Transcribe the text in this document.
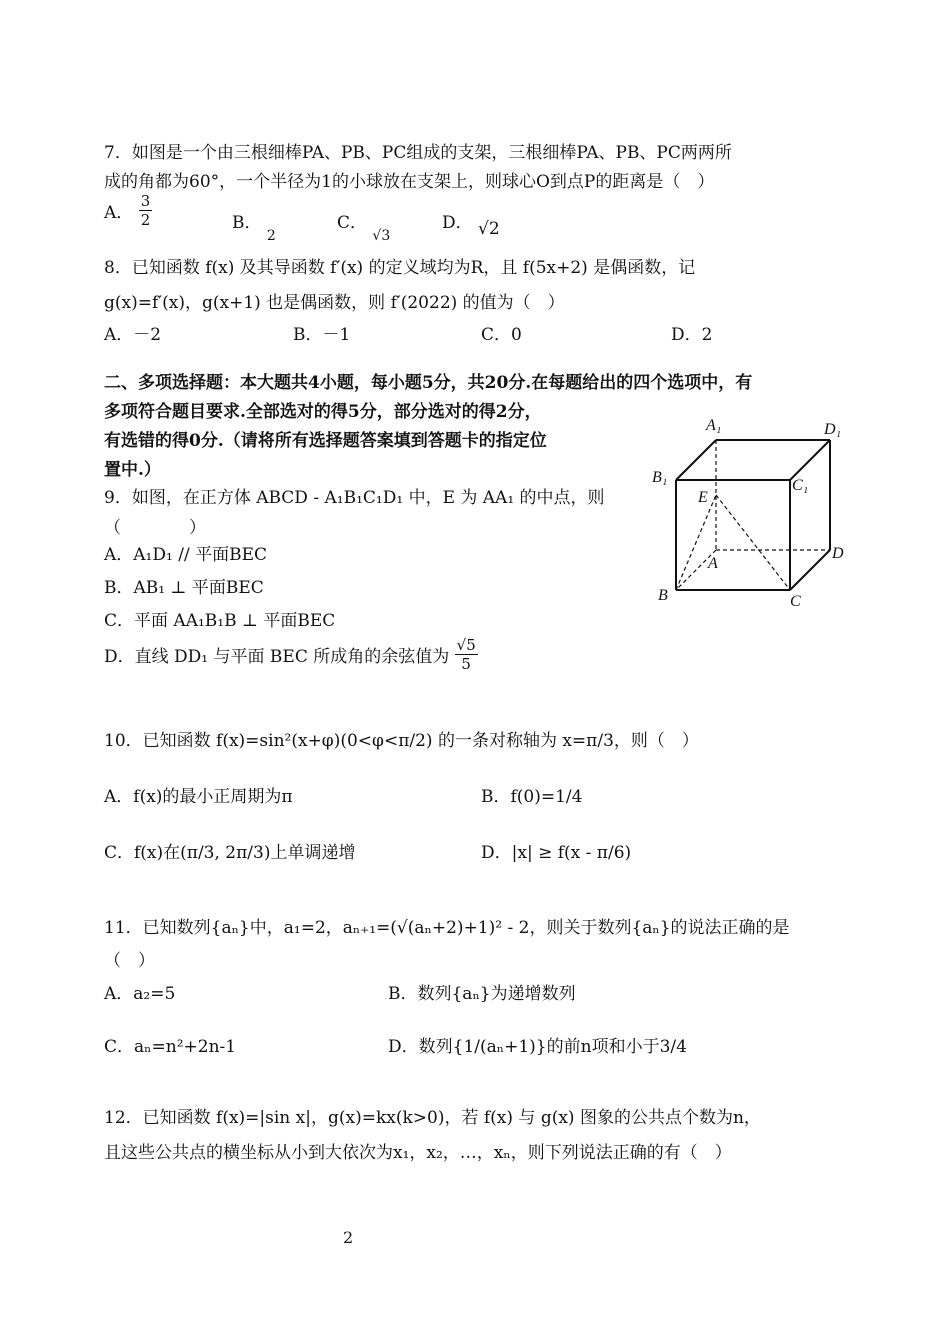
7．如图是一个由三根细棒PA、PB、PC组成的支架，三根细棒PA、PB、PC两两所
成的角都为60°，一个半径为1的小球放在支架上，则球心O到点P的距离是（　）
A． $\frac{3}{2}$	B． $_2$
C． $_{√3}$
D． √2
8．已知函数 f(x) 及其导函数 f′(x) 的定义域均为R，且 f(5x+2) 是偶函数，记
g(x)=f′(x)，g(x+1) 也是偶函数，则 f′(2022) 的值为（　）
A．－2	B．－1	C．0	D．2
二、多项选择题：本大题共4小题，每小题5分，共20分.在每题给出的四个选项中，有
多项符合题目要求.全部选对的得5分，部分选对的得2分，
有选错的得0分.（请将所有选择题答案填到答题卡的指定位
置中.）
9．如图，在正方体 ABCD - A₁B₁C₁D₁ 中，E 为 AA₁ 的中点，则
（　　　　）
A．A₁D₁ // 平面BEC
B．AB₁ ⊥ 平面BEC
C．平面 AA₁B₁B ⊥ 平面BEC
D．直线 DD₁ 与平面 BEC 所成角的余弦值为 $\frac{√5}{5}$
A₁	D₁
B₁	C₁
E
A
D
B	C
10．已知函数 f(x)=sin²(x+φ)(0<φ<π/2) 的一条对称轴为 x=π/3，则（　）
A．f(x)的最小正周期为π	B．f(0)=1/4
C．f(x)在(π/3, 2π/3)上单调递增	D．|x| ≥ f(x - π/6)
11．已知数列{aₙ}中，a₁=2，aₙ₊₁=(√(aₙ+2)+1)² - 2，则关于数列{aₙ}的说法正确的是
（　）
A．a₂=5	B．数列{aₙ}为递增数列
C．aₙ=n²+2n-1	D．数列{1/(aₙ+1)}的前n项和小于3/4
12．已知函数 f(x)=|sin x|，g(x)=kx(k>0)，若 f(x) 与 g(x) 图象的公共点个数为n，
且这些公共点的横坐标从小到大依次为x₁，x₂，…，xₙ，则下列说法正确的有（　）
2
